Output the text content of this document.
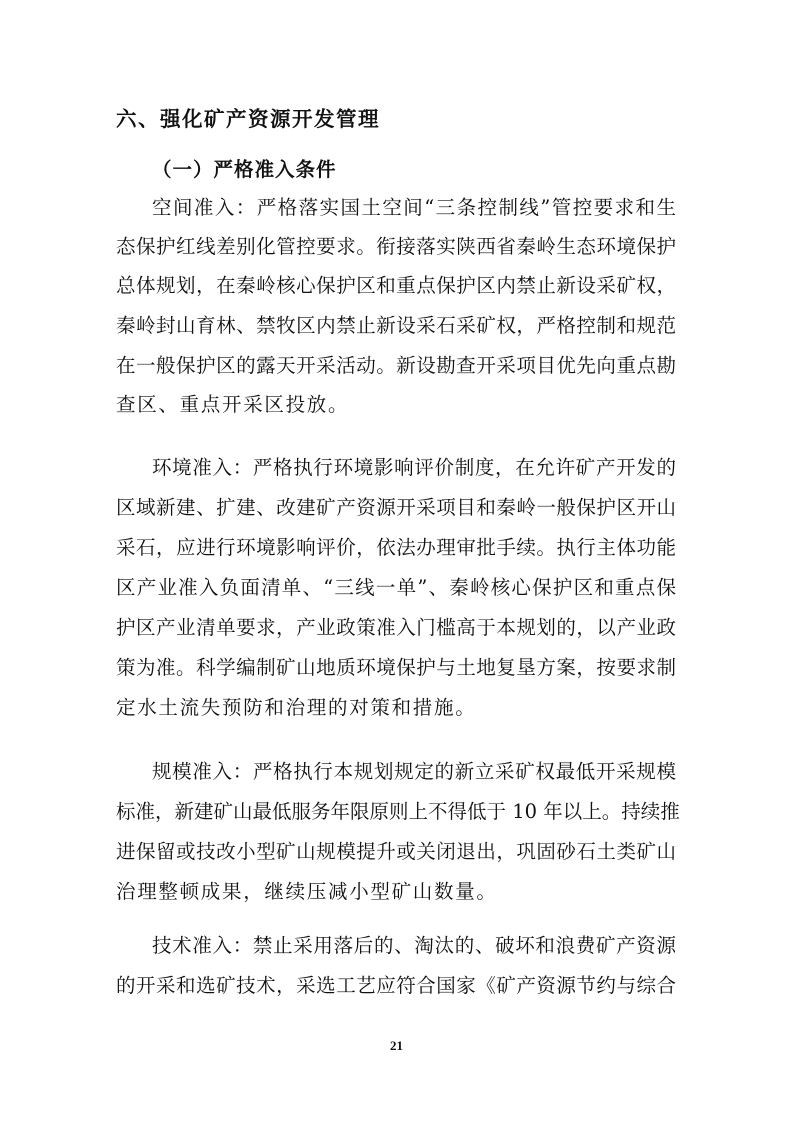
六、强化矿产资源开发管理
（一）严格准入条件
空间准入：严格落实国土空间“三条控制线”管控要求和生
态保护红线差别化管控要求。衔接落实陕西省秦岭生态环境保护
总体规划，在秦岭核心保护区和重点保护区内禁止新设采矿权，
秦岭封山育林、禁牧区内禁止新设采石采矿权，严格控制和规范
在一般保护区的露天开采活动。新设勘查开采项目优先向重点勘
查区、重点开采区投放。
环境准入：严格执行环境影响评价制度，在允许矿产开发的
区域新建、扩建、改建矿产资源开采项目和秦岭一般保护区开山
采石，应进行环境影响评价，依法办理审批手续。执行主体功能
区产业准入负面清单、“三线一单”、秦岭核心保护区和重点保
护区产业清单要求，产业政策准入门槛高于本规划的，以产业政
策为准。科学编制矿山地质环境保护与土地复垦方案，按要求制
定水土流失预防和治理的对策和措施。
规模准入：严格执行本规划规定的新立采矿权最低开采规模
标准，新建矿山最低服务年限原则上不得低于 10 年以上。持续推
进保留或技改小型矿山规模提升或关闭退出，巩固砂石土类矿山
治理整顿成果，继续压减小型矿山数量。
技术准入：禁止采用落后的、淘汰的、破坏和浪费矿产资源
的开采和选矿技术，采选工艺应符合国家《矿产资源节约与综合
21
